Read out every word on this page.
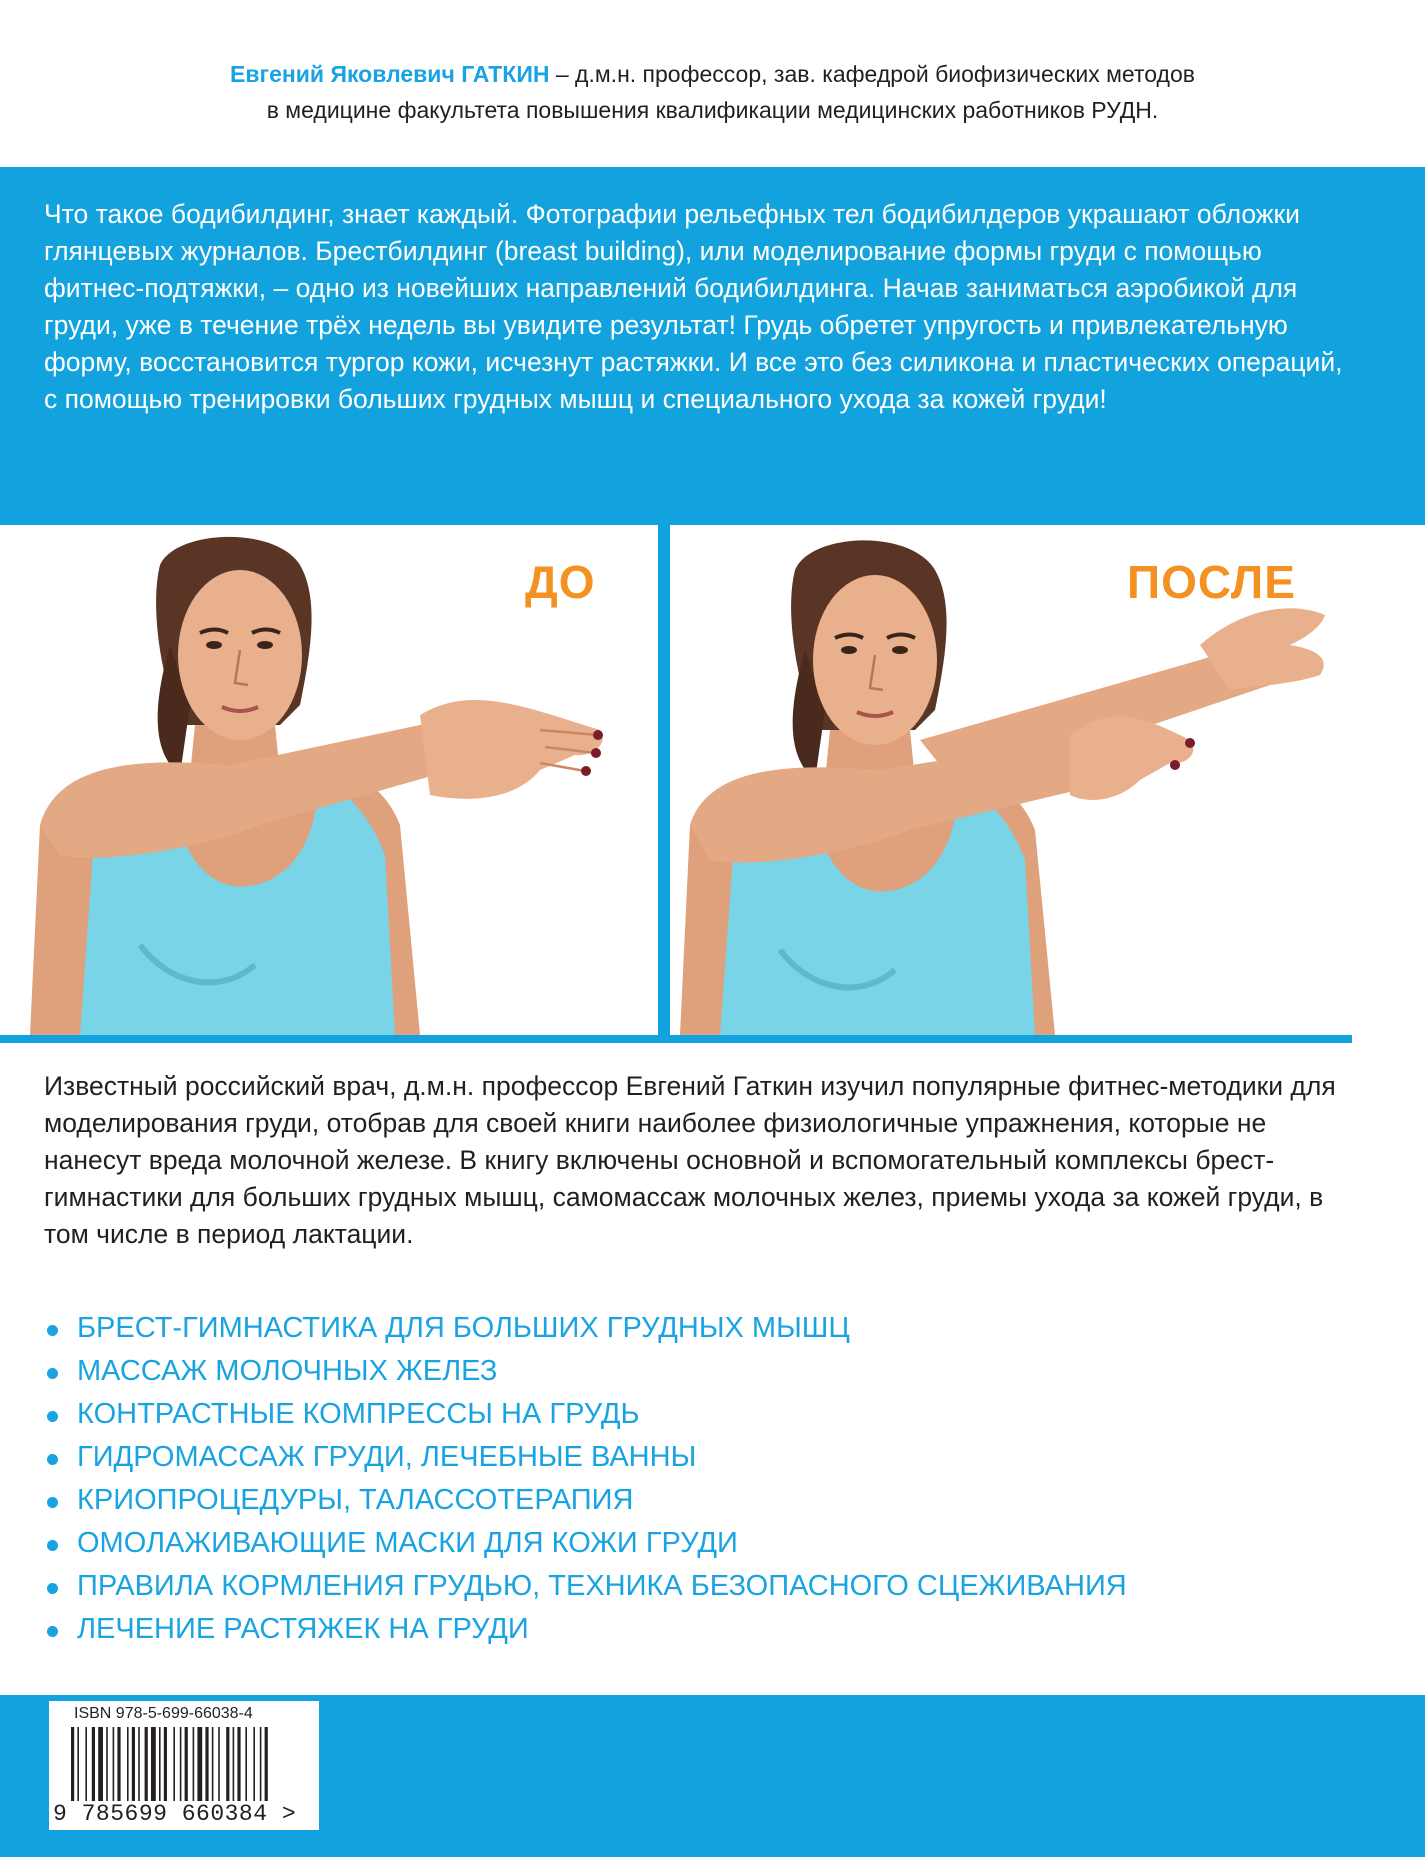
Евгений Яковлевич ГАТКИН – д.м.н. профессор, зав. кафедрой биофизических методов
в медицине факультета повышения квалификации медицинских работников РУДН.

Что такое бодибилдинг, знает каждый. Фотографии рельефных тел бодибилдеров украшают обложки глянцевых журналов. Брестбилдинг (breast building), или моделирование формы груди с помощью фитнес-подтяжки, – одно из новейших направлений бодибилдинга. Начав заниматься аэробикой для груди, уже в течение трёх недель вы увидите результат! Грудь обретет упругость и привлекательную форму, восстановится тургор кожи, исчезнут растяжки. И все это без силикона и пластических операций, с помощью тренировки больших грудных мышц и специального ухода за кожей груди!

ДО	ПОСЛЕ

Известный российский врач, д.м.н. профессор Евгений Гаткин изучил популярные фитнес-методики для моделирования груди, отобрав для своей книги наиболее физиологичные упражнения, которые не нанесут вреда молочной железе. В книгу включены основной и вспомогательный комплексы брест-гимнастики для больших грудных мышц, самомассаж молочных желез, приемы ухода за кожей груди, в том числе в период лактации.

БРЕСТ-ГИМНАСТИКА ДЛЯ БОЛЬШИХ ГРУДНЫХ МЫШЦ
МАССАЖ МОЛОЧНЫХ ЖЕЛЕЗ
КОНТРАСТНЫЕ КОМПРЕССЫ НА ГРУДЬ
ГИДРОМАССАЖ ГРУДИ, ЛЕЧЕБНЫЕ ВАННЫ
КРИОПРОЦЕДУРЫ, ТАЛАССОТЕРАПИЯ
ОМОЛАЖИВАЮЩИЕ МАСКИ ДЛЯ КОЖИ ГРУДИ
ПРАВИЛА КОРМЛЕНИЯ ГРУДЬЮ, ТЕХНИКА БЕЗОПАСНОГО СЦЕЖИВАНИЯ
ЛЕЧЕНИЕ РАСТЯЖЕК НА ГРУДИ
ISBN 978-5-699-66038-4
9 785699 660384 >
